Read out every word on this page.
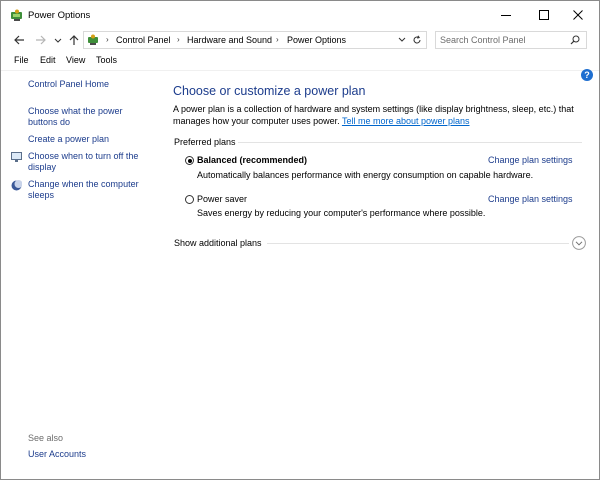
Power Options
› Control Panel › Hardware and Sound › Power Options
Search Control Panel
File Edit View Tools
Control Panel Home
Choose what the power
buttons do
Create a power plan
Choose when to turn off the
display
Change when the computer
sleeps
See also
User Accounts
?
Choose or customize a power plan
A power plan is a collection of hardware and system settings (like display brightness, sleep, etc.) that
manages how your computer uses power. Tell me more about power plans
Preferred plans
Balanced (recommended)	Change plan settings
Automatically balances performance with energy consumption on capable hardware.
Power saver	Change plan settings
Saves energy by reducing your computer's performance where possible.
Show additional plans
